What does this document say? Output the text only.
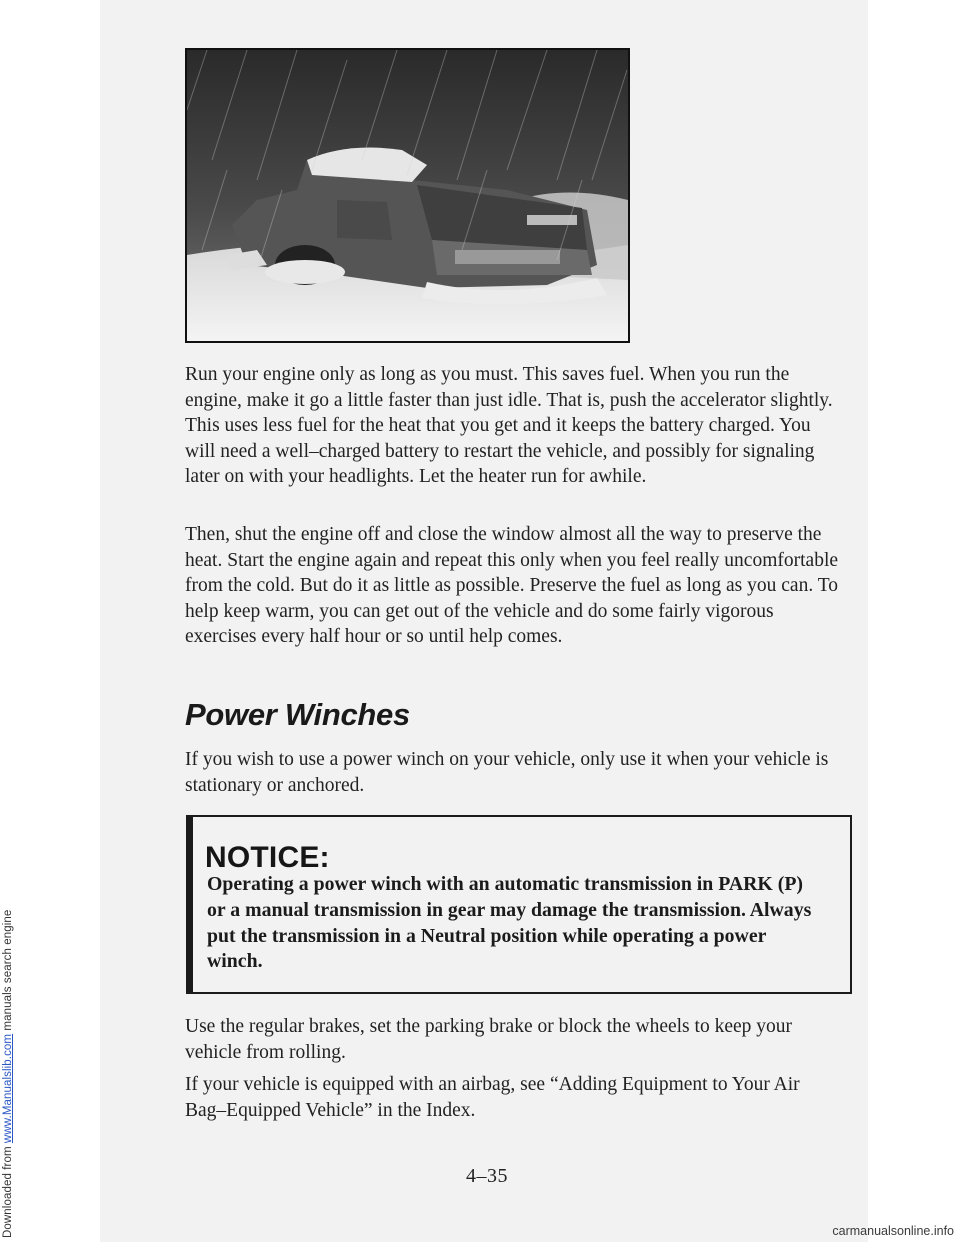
Downloaded from www.Manualslib.com manuals search engine

Run your engine only as long as you must. This saves fuel. When you run the engine, make it go a little faster than just idle. That is, push the accelerator slightly. This uses less fuel for the heat that you get and it keeps the battery charged. You will need a well–charged battery to restart the vehicle, and possibly for signaling later on with your headlights. Let the heater run for awhile.

Then, shut the engine off and close the window almost all the way to preserve the heat. Start the engine again and repeat this only when you feel really uncomfortable from the cold. But do it as little as possible. Preserve the fuel as long as you can. To help keep warm, you can get out of the vehicle and do some fairly vigorous exercises every half hour or so until help comes.

Power Winches

If you wish to use a power winch on your vehicle, only use it when your vehicle is stationary or anchored.

NOTICE:
Operating a power winch with an automatic transmission in PARK (P) or a manual transmission in gear may damage the transmission. Always put the transmission in a Neutral position while operating a power winch.

Use the regular brakes, set the parking brake or block the wheels to keep your vehicle from rolling.

If your vehicle is equipped with an airbag, see “Adding Equipment to Your Air Bag–Equipped Vehicle” in the Index.

4–35
carmanualsonline.info
